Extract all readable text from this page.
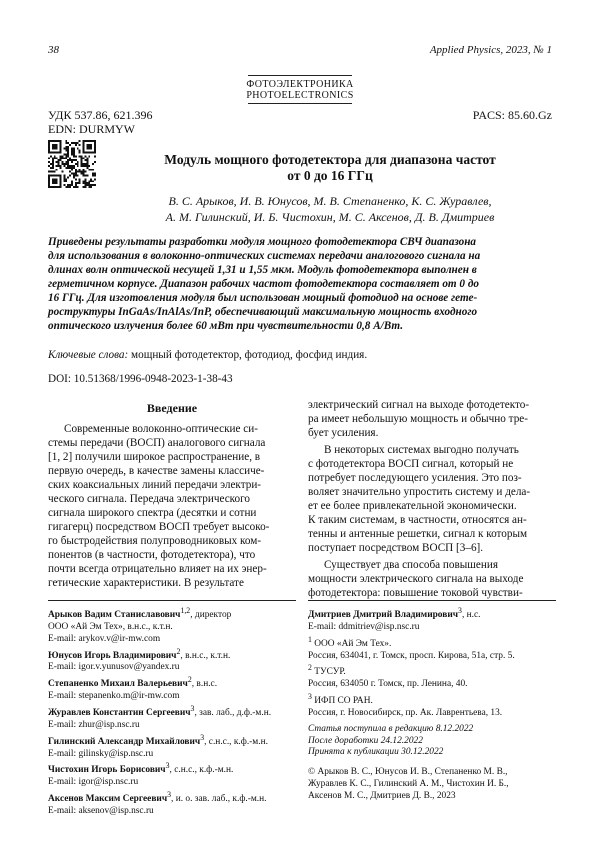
38	Applied Physics, 2023, № 1
ФОТОЭЛЕКТРОНИКА
PHOTOELECTRONICS
УДК 537.86, 621.396
EDN: DURMYW
PACS: 85.60.Gz
Модуль мощного фотодетектора для диапазона частот
от 0 до 16 ГГц
В. С. Арыков, И. В. Юнусов, М. В. Степаненко, К. С. Журавлев,
А. М. Гилинский, И. Б. Чистохин, М. С. Аксенов, Д. В. Дмитриев
Приведены результаты разработки модуля мощного фотодетектора СВЧ диапазона
для использования в волоконно-оптических системах передачи аналогового сигнала на
длинах волн оптической несущей 1,31 и 1,55 мкм. Модуль фотодетектора выполнен в
герметичном корпусе. Диапазон рабочих частот фотодетектора составляет от 0 до
16 ГГц. Для изготовления модуля был использован мощный фотодиод на основе гете-
роструктуры InGaAs/InAlAs/InP, обеспечивающий максимальную мощность входного
оптического излучения более 60 мВт при чувствительности 0,8 А/Вт.
Ключевые слова: мощный фотодетектор, фотодиод, фосфид индия.
DOI: 10.51368/1996-0948-2023-1-38-43
Введение
Современные волоконно-оптические си-
стемы передачи (ВОСП) аналогового сигнала
[1, 2] получили широкое распространение, в
первую очередь, в качестве замены классиче-
ских коаксиальных линий передачи электри-
ческого сигнала. Передача электрического
сигнала широкого спектра (десятки и сотни
гигагерц) посредством ВОСП требует высоко-
го быстродействия полупроводниковых ком-
понентов (в частности, фотодетектора), что
почти всегда отрицательно влияет на их энер-
гетические характеристики. В результате
электрический сигнал на выходе фотодетекто-
ра имеет небольшую мощность и обычно тре-
бует усиления.
В некоторых системах выгодно получать
с фотодетектора ВОСП сигнал, который не
потребует последующего усиления. Это поз-
воляет значительно упростить систему и дела-
ет ее более привлекательной экономически.
К таким системам, в частности, относятся ан-
тенны и антенные решетки, сигнал к которым
поступает посредством ВОСП [3–6].
Существует два способа повышения
мощности электрического сигнала на выходе
фотодетектора: повышение токовой чувстви-
Арыков Вадим Станиславович$^{1,2}$, директор
ООО «Ай Эм Тех», в.н.с., к.т.н.
E-mail: arykov.v@ir-mw.com
Юнусов Игорь Владимирович$^2$, в.н.с., к.т.н.
E-mail: igor.v.yunusov@yandex.ru
Степаненко Михаил Валерьевич$^2$, в.н.с.
E-mail: stepanenko.m@ir-mw.com
Журавлев Константин Сергеевич$^3$, зав. лаб., д.ф.-м.н.
E-mail: zhur@isp.nsc.ru
Гилинский Александр Михайлович$^3$, с.н.с., к.ф.-м.н.
E-mail: gilinsky@isp.nsc.ru
Чистохин Игорь Борисович$^3$, с.н.с., к.ф.-м.н.
E-mail: igor@isp.nsc.ru
Аксенов Максим Сергеевич$^3$, и. о. зав. лаб., к.ф.-м.н.
E-mail: aksenov@isp.nsc.ru
Дмитриев Дмитрий Владимирович$^3$, н.с.
E-mail: ddmitriev@isp.nsc.ru
$^1$ ООО «Ай Эм Тех».
Россия, 634041, г. Томск, просп. Кирова, 51а, стр. 5.
$^2$ ТУСУР.
Россия, 634050 г. Томск, пр. Ленина, 40.
$^3$ ИФП СО РАН.
Россия, г. Новосибирск, пр. Ак. Лаврентьева, 13.
Статья поступила в редакцию 8.12.2022
После доработки 24.12.2022
Принята к публикации 30.12.2022
© Арыков В. С., Юнусов И. В., Степаненко М. В.,
Журавлев К. С., Гилинский А. М., Чистохин И. Б.,
Аксенов М. С., Дмитриев Д. В., 2023
